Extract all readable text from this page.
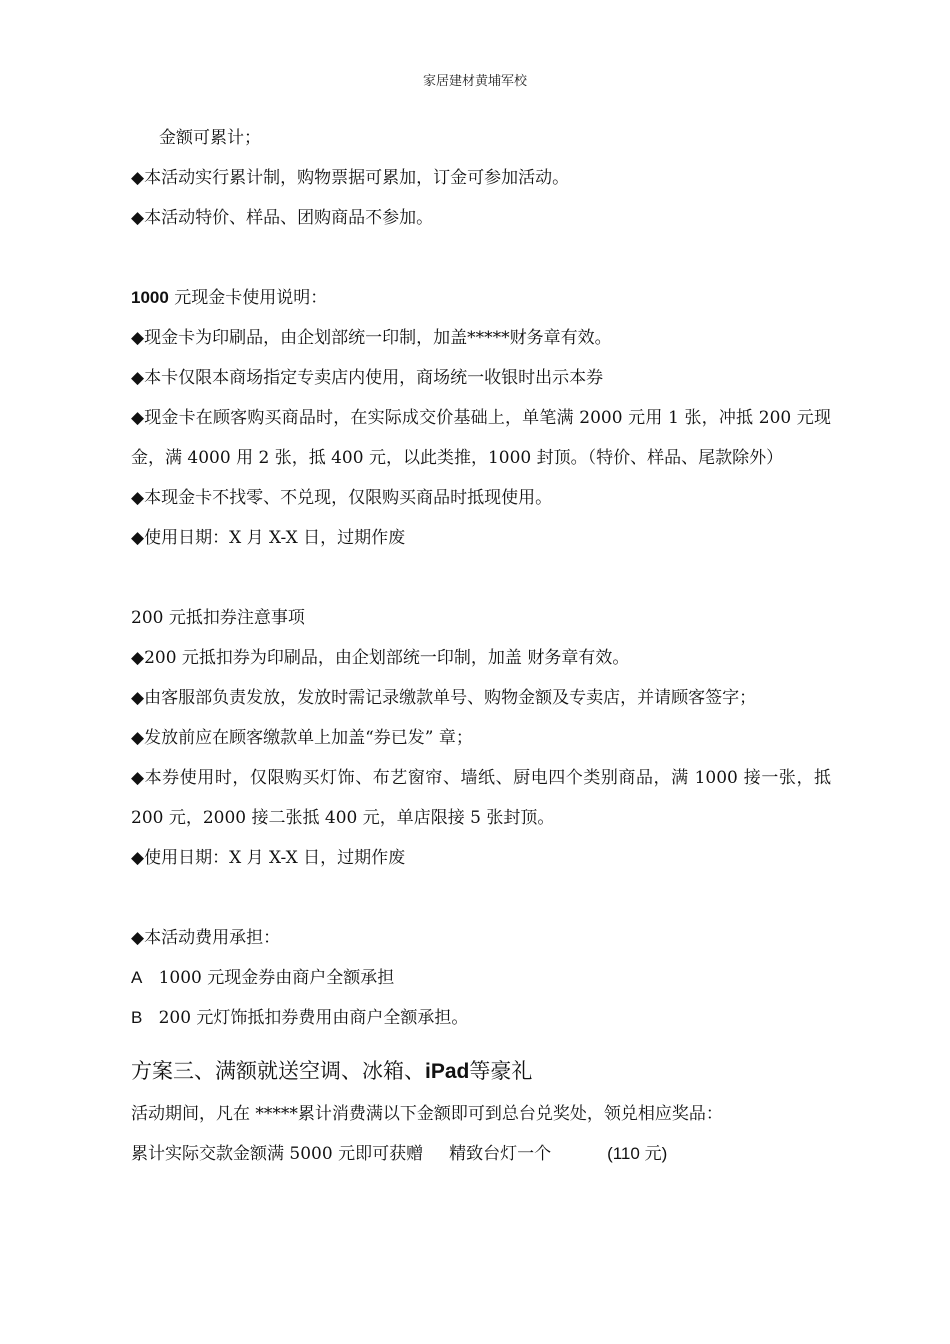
家居建材黄埔军校
金额可累计；
◆本活动实行累计制，购物票据可累加，订金可参加活动。
◆本活动特价、样品、团购商品不参加。
1000 元现金卡使用说明：
◆现金卡为印刷品，由企划部统一印制，加盖*****财务章有效。
◆本卡仅限本商场指定专卖店内使用，商场统一收银时出示本券
◆现金卡在顾客购买商品时，在实际成交价基础上，单笔满 2000 元用 1 张，冲抵 200 元现金，满 4000 用 2 张，抵 400 元，以此类推，1000 封顶。（特价、样品、尾款除外）
◆本现金卡不找零、不兑现，仅限购买商品时抵现使用。
◆使用日期：X 月 X-X 日，过期作废
200 元抵扣券注意事项
◆200 元抵扣券为印刷品，由企划部统一印制，加盖 财务章有效。
◆由客服部负责发放，发放时需记录缴款单号、购物金额及专卖店，并请顾客签字；
◆发放前应在顾客缴款单上加盖“券已发” 章；
◆本券使用时，仅限购买灯饰、布艺窗帘、墙纸、厨电四个类别商品，满 1000 接一张，抵 200 元，2000 接二张抵 400 元，单店限接 5 张封顶。
◆使用日期：X 月 X-X 日，过期作废
◆本活动费用承担：
A 1000 元现金券由商户全额承担
B 200 元灯饰抵扣券费用由商户全额承担。
方案三、满额就送空调、冰箱、iPad等豪礼
活动期间，凡在 *****累计消费满以下金额即可到总台兑奖处，领兑相应奖品：
累计实际交款金额满 5000 元即可获赠 精致台灯一个	(110 元)
